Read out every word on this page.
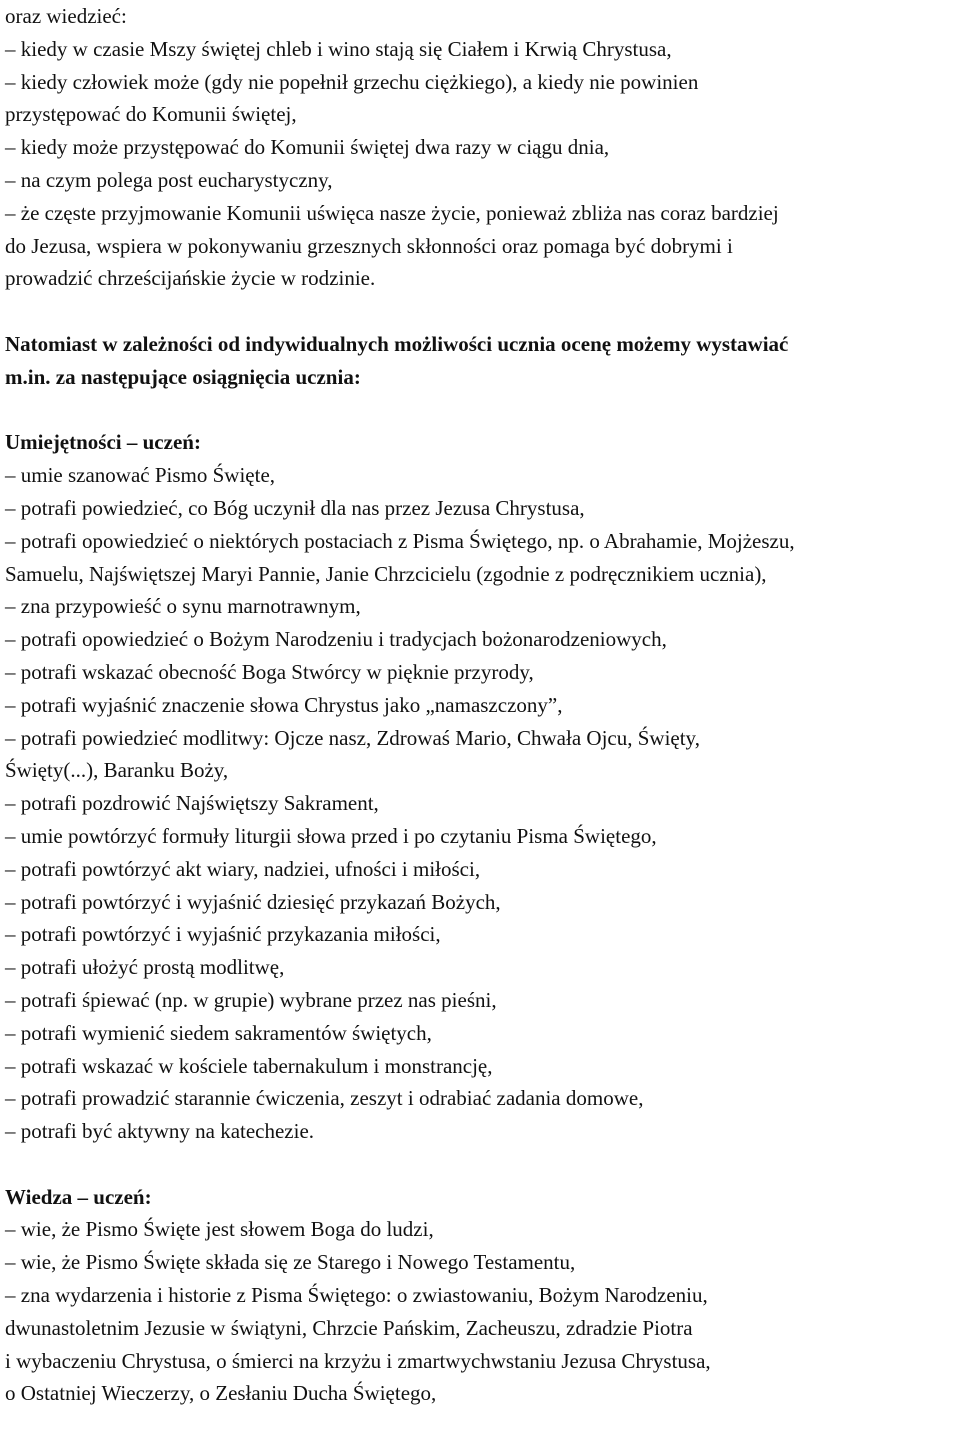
oraz wiedzieć:
– kiedy w czasie Mszy świętej chleb i wino stają się Ciałem i Krwią Chrystusa,
– kiedy człowiek może (gdy nie popełnił grzechu ciężkiego), a kiedy nie powinien
przystępować do Komunii świętej,
– kiedy może przystępować do Komunii świętej dwa razy w ciągu dnia,
– na czym polega post eucharystyczny,
– że częste przyjmowanie Komunii uświęca nasze życie, ponieważ zbliża nas coraz bardziej
do Jezusa, wspiera w pokonywaniu grzesznych skłonności oraz pomaga być dobrymi i
prowadzić chrześcijańskie życie w rodzinie.
Natomiast w zależności od indywidualnych możliwości ucznia ocenę możemy wystawiać
m.in. za następujące osiągnięcia ucznia:
Umiejętności – uczeń:
– umie szanować Pismo Święte,
– potrafi powiedzieć, co Bóg uczynił dla nas przez Jezusa Chrystusa,
– potrafi opowiedzieć o niektórych postaciach z Pisma Świętego, np. o Abrahamie, Mojżeszu,
Samuelu, Najświętszej Maryi Pannie, Janie Chrzcicielu (zgodnie z podręcznikiem ucznia),
– zna przypowieść o synu marnotrawnym,
– potrafi opowiedzieć o Bożym Narodzeniu i tradycjach bożonarodzeniowych,
– potrafi wskazać obecność Boga Stwórcy w pięknie przyrody,
– potrafi wyjaśnić znaczenie słowa Chrystus jako „namaszczony”,
– potrafi powiedzieć modlitwy: Ojcze nasz, Zdrowaś Mario, Chwała Ojcu, Święty,
Święty(...), Baranku Boży,
– potrafi pozdrowić Najświętszy Sakrament,
– umie powtórzyć formuły liturgii słowa przed i po czytaniu Pisma Świętego,
– potrafi powtórzyć akt wiary, nadziei, ufności i miłości,
– potrafi powtórzyć i wyjaśnić dziesięć przykazań Bożych,
– potrafi powtórzyć i wyjaśnić przykazania miłości,
– potrafi ułożyć prostą modlitwę,
– potrafi śpiewać (np. w grupie) wybrane przez nas pieśni,
– potrafi wymienić siedem sakramentów świętych,
– potrafi wskazać w kościele tabernakulum i monstrancję,
– potrafi prowadzić starannie ćwiczenia, zeszyt i odrabiać zadania domowe,
– potrafi być aktywny na katechezie.
Wiedza – uczeń:
– wie, że Pismo Święte jest słowem Boga do ludzi,
– wie, że Pismo Święte składa się ze Starego i Nowego Testamentu,
– zna wydarzenia i historie z Pisma Świętego: o zwiastowaniu, Bożym Narodzeniu,
dwunastoletnim Jezusie w świątyni, Chrzcie Pańskim, Zacheuszu, zdradzie Piotra
i wybaczeniu Chrystusa, o śmierci na krzyżu i zmartwychwstaniu Jezusa Chrystusa,
o Ostatniej Wieczerzy, o Zesłaniu Ducha Świętego,
